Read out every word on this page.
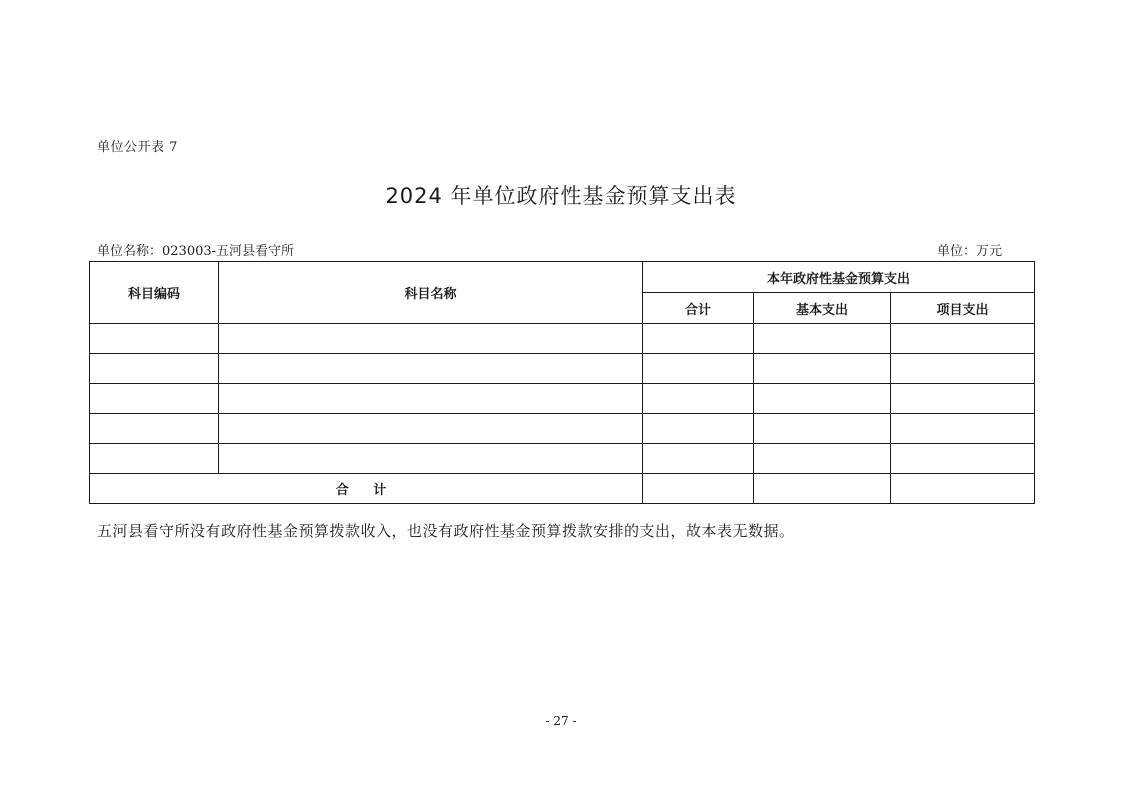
单位公开表 7
2024 年单位政府性基金预算支出表
单位名称：023003-五河县看守所	单位：万元
科目编码	科目名称	本年政府性基金预算支出		
		合计	基本支出	项目支出

合 计				
五河县看守所没有政府性基金预算拨款收入，也没有政府性基金预算拨款安排的支出，故本表无数据。
- 27 -
